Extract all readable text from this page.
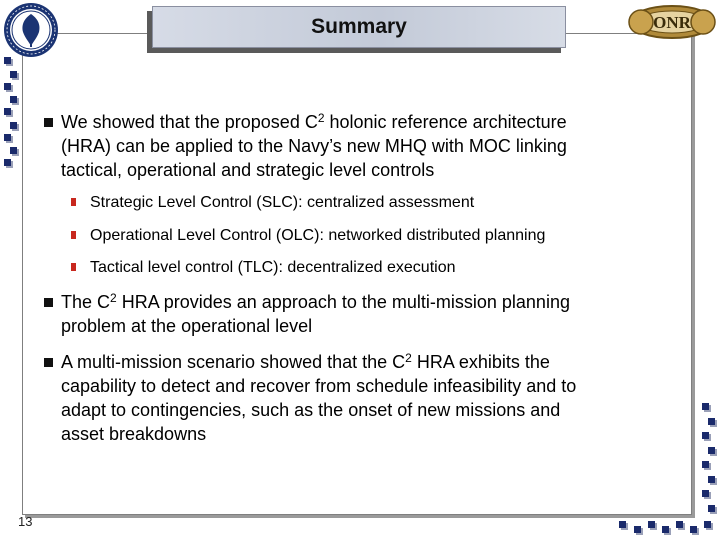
Summary	ONR
We showed that the proposed $C^2$ holonic reference architecture
(HRA) can be applied to the Navy’s new MHQ with MOC linking
tactical, operational and strategic level controls
Strategic Level Control (SLC): centralized assessment
Operational Level Control (OLC): networked distributed planning
Tactical level control (TLC): decentralized execution
The $C^2$ HRA provides an approach to the multi-mission planning
problem at the operational level
A multi-mission scenario showed that the $C^2$ HRA exhibits the
capability to detect and recover from schedule infeasibility and to
adapt to contingencies, such as the onset of new missions and
asset breakdowns
13
